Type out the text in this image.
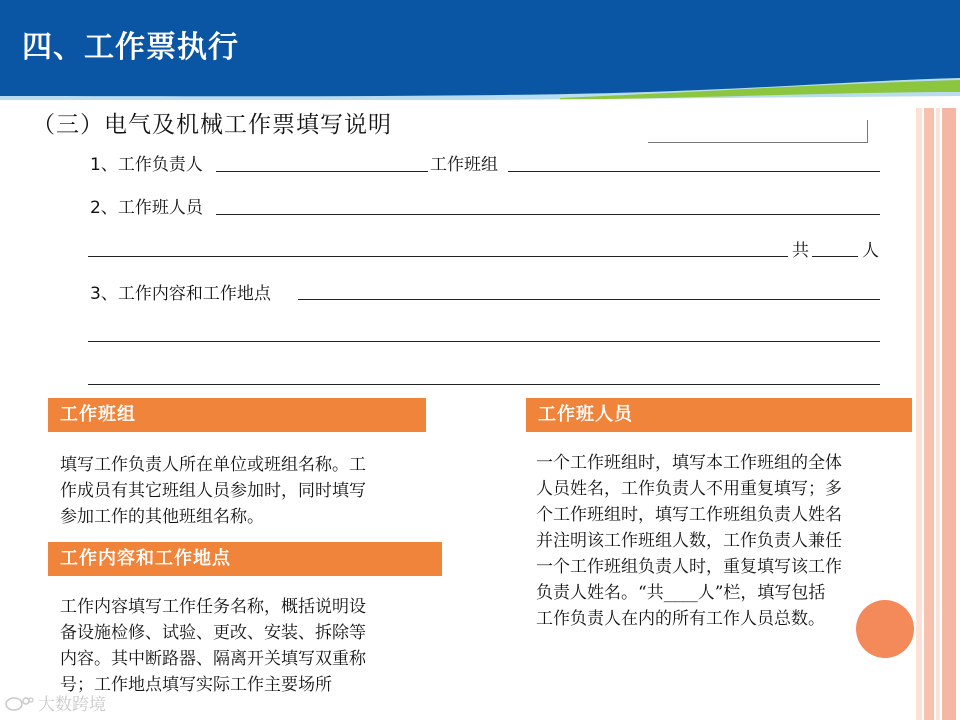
四、工作票执行
（三）电气及机械工作票填写说明
1、工作负责人	工作班组
2、工作班人员
共	人
3、工作内容和工作地点
工作班组
填写工作负责人所在单位或班组名称。工
作成员有其它班组人员参加时，同时填写
参加工作的其他班组名称。
工作内容和工作地点
工作内容填写工作任务名称，概括说明设
备设施检修、试验、更改、安装、拆除等
内容。其中断路器、隔离开关填写双重称
号；工作地点填写实际工作主要场所
工作班人员
一个工作班组时，填写本工作班组的全体
人员姓名，工作负责人不用重复填写；多
个工作班组时，填写工作班组负责人姓名
并注明该工作班组人数，工作负责人兼任
一个工作班组负责人时，重复填写该工作
负责人姓名。“共____人”栏，填写包括
工作负责人在内的所有工作人员总数。
大数跨境
